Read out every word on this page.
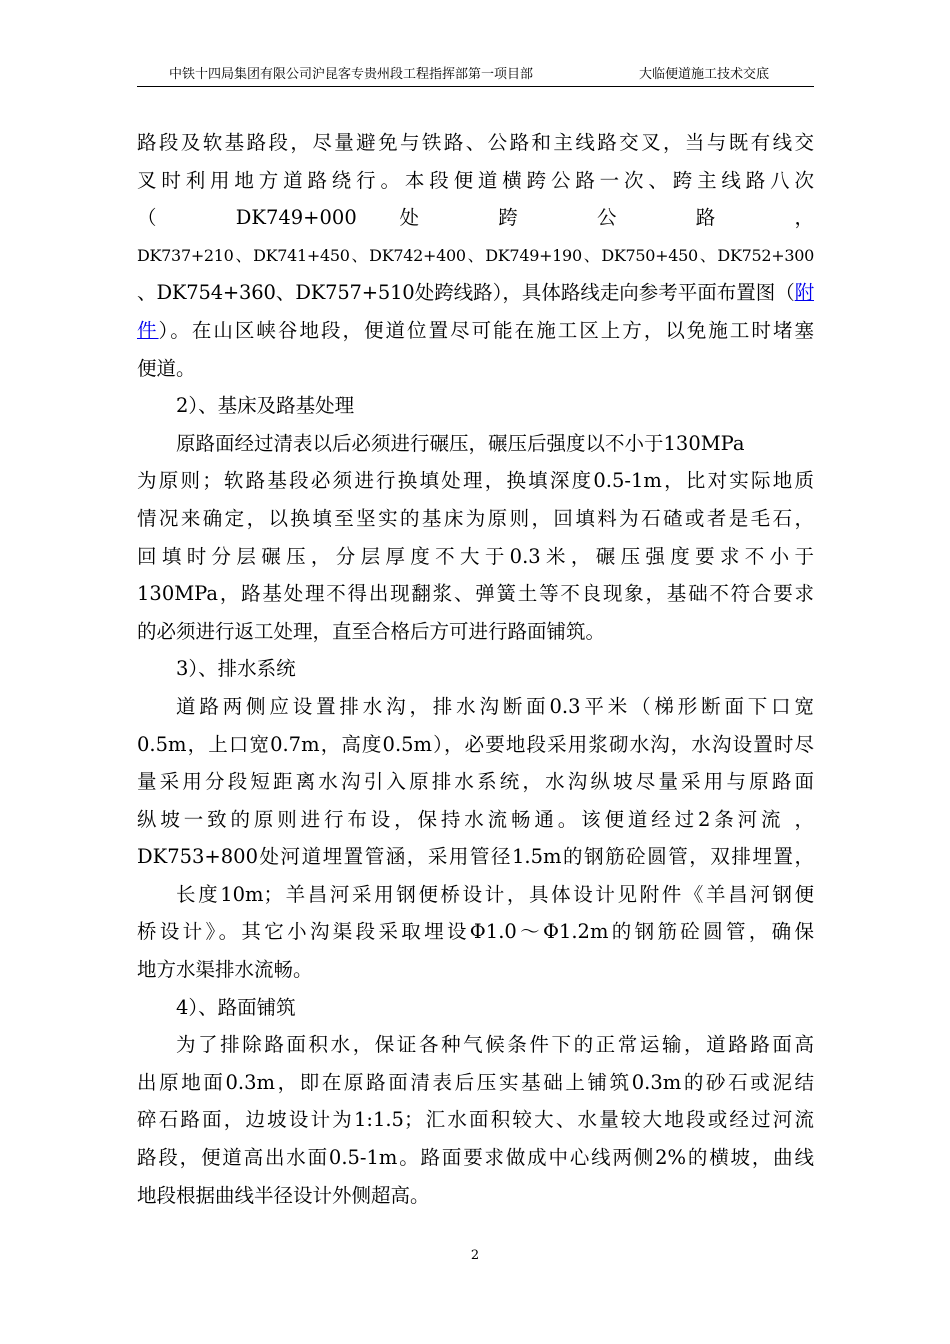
中铁十四局集团有限公司沪昆客专贵州段工程指挥部第一项目部	大临便道施工技术交底
路段及软基路段，尽量避免与铁路、公路和主线路交叉，当与既有线交
叉时利用地方道路绕行。本段便道横跨公路一次、跨主线路八次
（ DK749+000 处 跨 公 路 ，
DK737+210、DK741+450、DK742+400、DK749+190、DK750+450、DK752+300
、DK754+360、DK757+510处跨线路），具体路线走向参考平面布置图（附
件）。在山区峡谷地段，便道位置尽可能在施工区上方，以免施工时堵塞
便道。
2）、基床及路基处理
原路面经过清表以后必须进行碾压，碾压后强度以不小于130MPa
为原则；软路基段必须进行换填处理，换填深度0.5-1m，比对实际地质
情况来确定，以换填至坚实的基床为原则，回填料为石碴或者是毛石，
回填时分层碾压，分层厚度不大于0.3米，碾压强度要求不小于
130MPa，路基处理不得出现翻浆、弹簧土等不良现象，基础不符合要求
的必须进行返工处理，直至合格后方可进行路面铺筑。
3）、排水系统
道路两侧应设置排水沟，排水沟断面0.3平米（梯形断面下口宽
0.5m，上口宽0.7m，高度0.5m），必要地段采用浆砌水沟，水沟设置时尽
量采用分段短距离水沟引入原排水系统，水沟纵坡尽量采用与原路面
纵坡一致的原则进行布设，保持水流畅通。该便道经过2条河流 ，
DK753+800处河道埋置管涵，采用管径1.5m的钢筋砼圆管，双排埋置，
长度10m；羊昌河采用钢便桥设计，具体设计见附件《羊昌河钢便
桥设计》。其它小沟渠段采取埋设Φ1.0～Φ1.2m的钢筋砼圆管，确保
地方水渠排水流畅。
4）、路面铺筑
为了排除路面积水，保证各种气候条件下的正常运输，道路路面高
出原地面0.3m，即在原路面清表后压实基础上铺筑0.3m的砂石或泥结
碎石路面，边坡设计为1:1.5；汇水面积较大、水量较大地段或经过河流
路段，便道高出水面0.5-1m。路面要求做成中心线两侧2%的横坡，曲线
地段根据曲线半径设计外侧超高。
2
